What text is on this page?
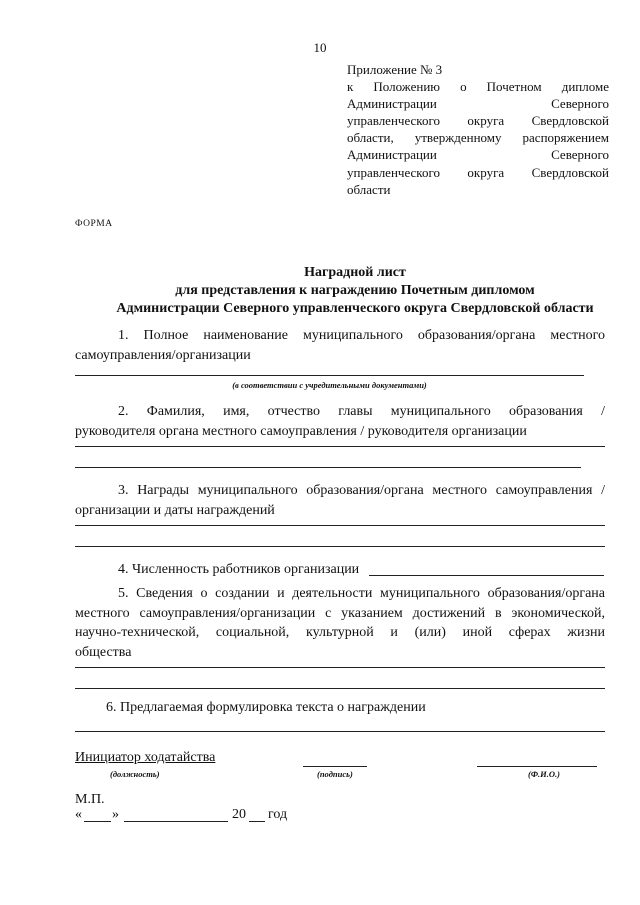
10
Приложение № 3
к Положению о Почетном дипломе
Администрации Северного
управленческого округа Свердловской
области, утвержденному распоряжением
Администрации Северного
управленческого округа Свердловской
области
ФОРМА
Наградной лист
для представления к награждению Почетным дипломом
Администрации Северного управленческого округа Свердловской области
1. Полное наименование муниципального образования/органа местного
самоуправления/организации
(в соответствии с учредительными документами)
2. Фамилия, имя, отчество главы муниципального образования /
руководителя органа местного самоуправления / руководителя организации
3. Награды муниципального образования/органа местного самоуправления /
организации и даты награждений
4. Численность работников организации
5. Сведения о создании и деятельности муниципального образования/органа
местного самоуправления/организации с указанием достижений в экономической,
научно-технической, социальной, культурной и (или) иной сферах жизни
общества
6. Предлагаемая формулировка текста о награждении
Инициатор ходатайства
(должность)	(подпись)	(Ф.И.О.)
М.П.
« »	20 год
